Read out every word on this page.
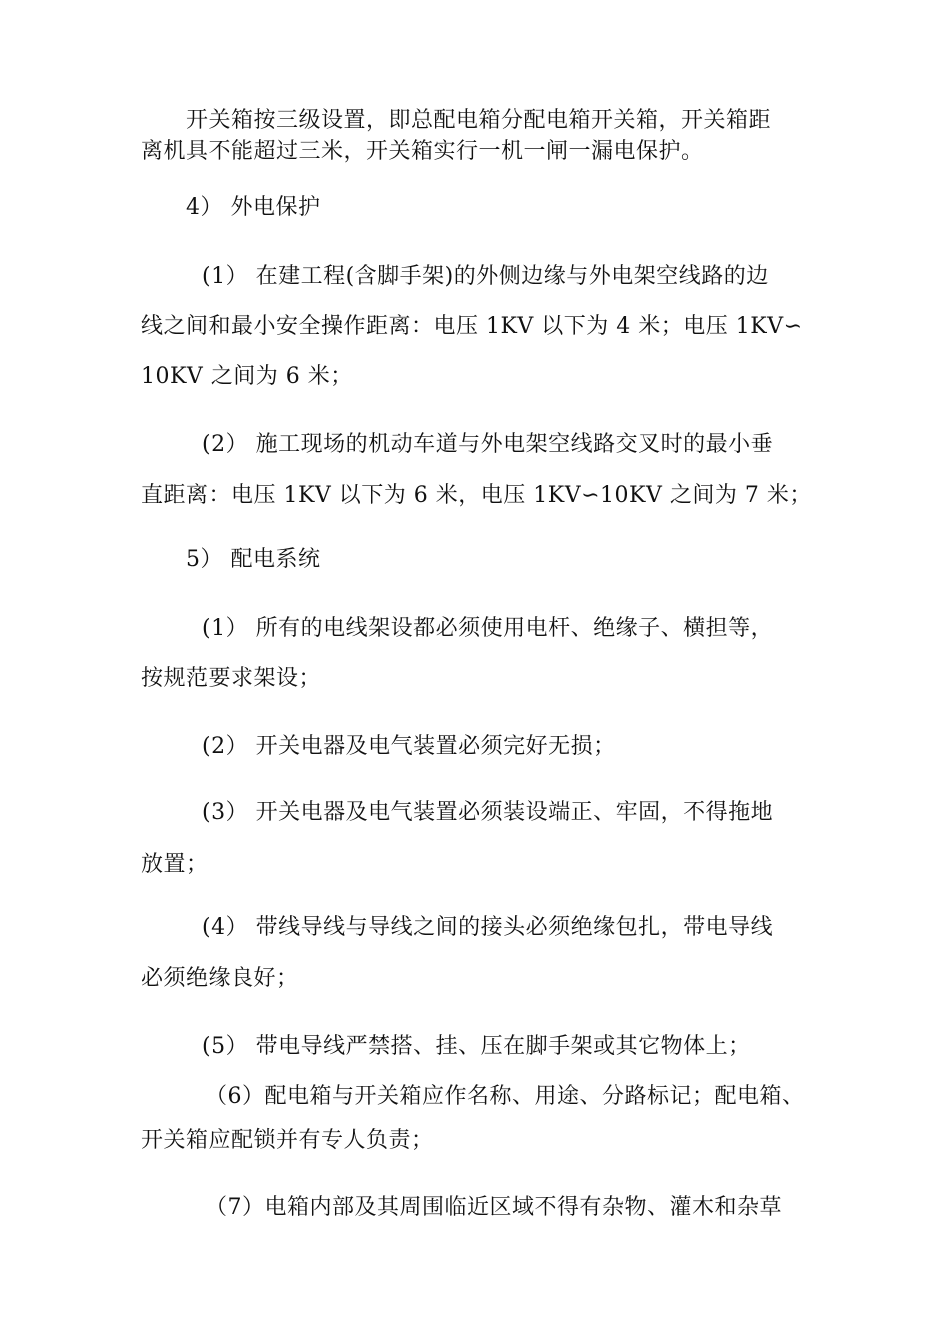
开关箱按三级设置，即总配电箱分配电箱开关箱，开关箱距
离机具不能超过三米，开关箱实行一机一闸一漏电保护。
4） 外电保护
(1） 在建工程(含脚手架)的外侧边缘与外电架空线路的边
线之间和最小安全操作距离：电压 1KV 以下为 4 米；电压 1KV∽
10KV 之间为 6 米；
(2） 施工现场的机动车道与外电架空线路交叉时的最小垂
直距离：电压 1KV 以下为 6 米，电压 1KV∽10KV 之间为 7 米；
5） 配电系统
(1） 所有的电线架设都必须使用电杆、绝缘子、横担等，
按规范要求架设；
(2） 开关电器及电气装置必须完好无损；
(3） 开关电器及电气装置必须装设端正、牢固，不得拖地
放置；
(4） 带线导线与导线之间的接头必须绝缘包扎，带电导线
必须绝缘良好；
(5） 带电导线严禁搭、挂、压在脚手架或其它物体上；
（6）配电箱与开关箱应作名称、用途、分路标记；配电箱、
开关箱应配锁并有专人负责；
（7）电箱内部及其周围临近区域不得有杂物、灌木和杂草
